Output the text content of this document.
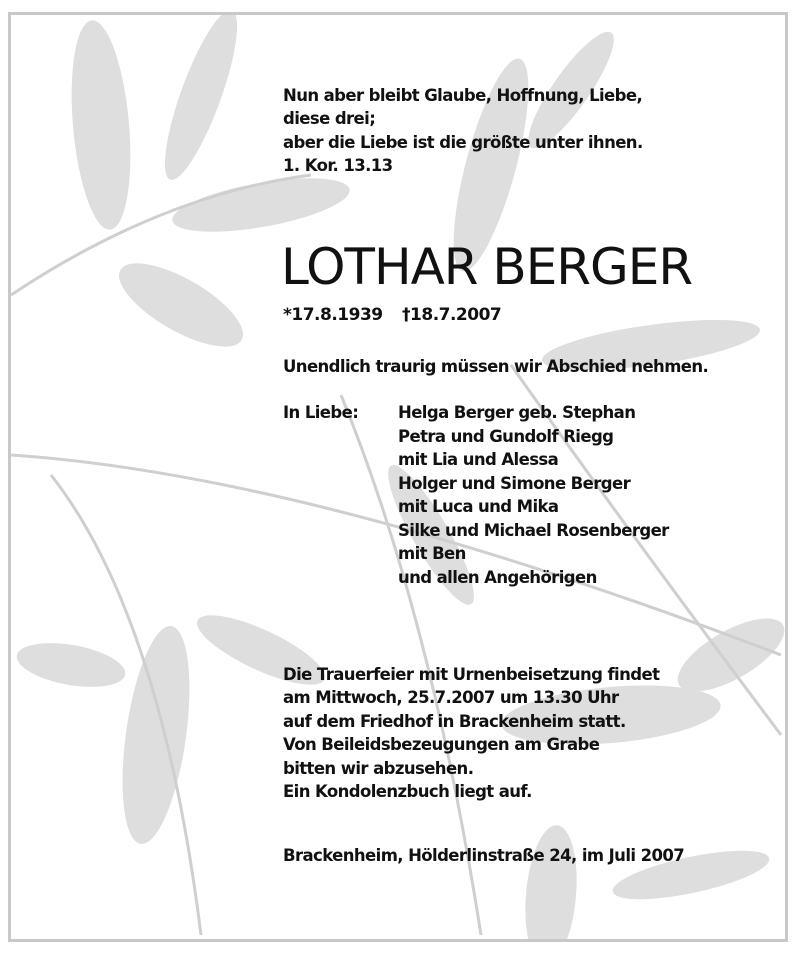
Nun aber bleibt Glaube, Hoffnung, Liebe,
diese drei;
aber die Liebe ist die größte unter ihnen.
1. Kor. 13.13
LOTHAR BERGER
*17.8.1939 †18.7.2007
Unendlich traurig müssen wir Abschied nehmen.
In Liebe: Helga Berger geb. Stephan
Petra und Gundolf Riegg
mit Lia und Alessa
Holger und Simone Berger
mit Luca und Mika
Silke und Michael Rosenberger
mit Ben
und allen Angehörigen
Die Trauerfeier mit Urnenbeisetzung findet
am Mittwoch, 25.7.2007 um 13.30 Uhr
auf dem Friedhof in Brackenheim statt.
Von Beileidsbezeugungen am Grabe
bitten wir abzusehen.
Ein Kondolenzbuch liegt auf.
Brackenheim, Hölderlinstraße 24, im Juli 2007
